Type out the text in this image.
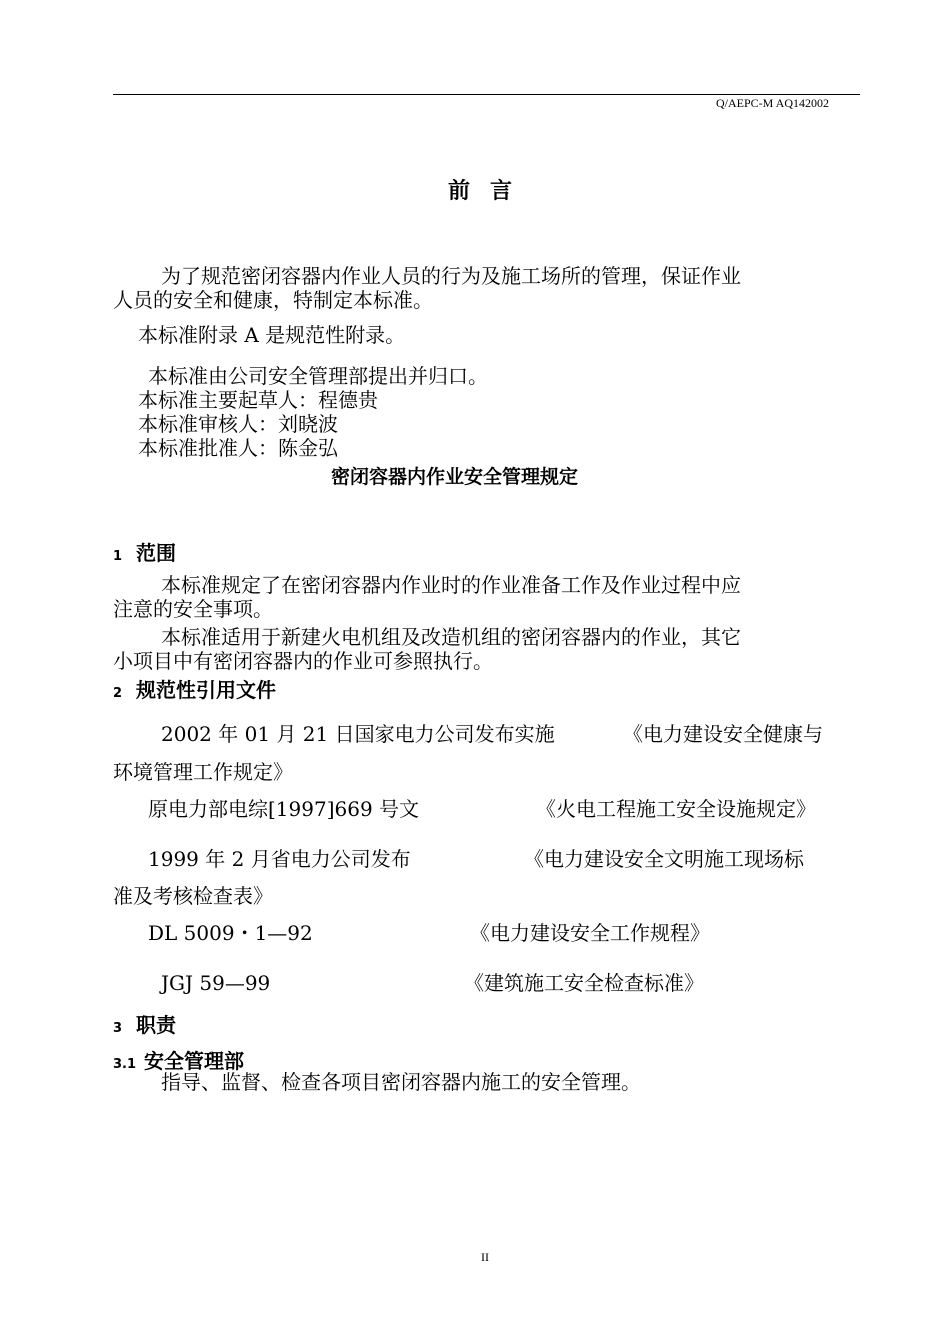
Q/AEPC-M AQ142002
前言
为了规范密闭容器内作业人员的行为及施工场所的管理，保证作业
人员的安全和健康，特制定本标准。
本标准附录 A 是规范性附录。
本标准由公司安全管理部提出并归口。
本标准主要起草人：程德贵
本标准审核人：刘晓波
本标准批准人：陈金弘
密闭容器内作业安全管理规定
1 范围
本标准规定了在密闭容器内作业时的作业准备工作及作业过程中应
注意的安全事项。
本标准适用于新建火电机组及改造机组的密闭容器内的作业，其它
小项目中有密闭容器内的作业可参照执行。
2 规范性引用文件
2002 年 01 月 21 日国家电力公司发布实施	《电力建设安全健康与
环境管理工作规定》
原电力部电综[1997]669 号文	《火电工程施工安全设施规定》
1999 年 2 月省电力公司发布	《电力建设安全文明施工现场标
准及考核检查表》
DL 5009・1—92	《电力建设安全工作规程》
JGJ 59—99	《建筑施工安全检查标准》
3 职责
3.1 安全管理部
指导、监督、检查各项目密闭容器内施工的安全管理。
II
